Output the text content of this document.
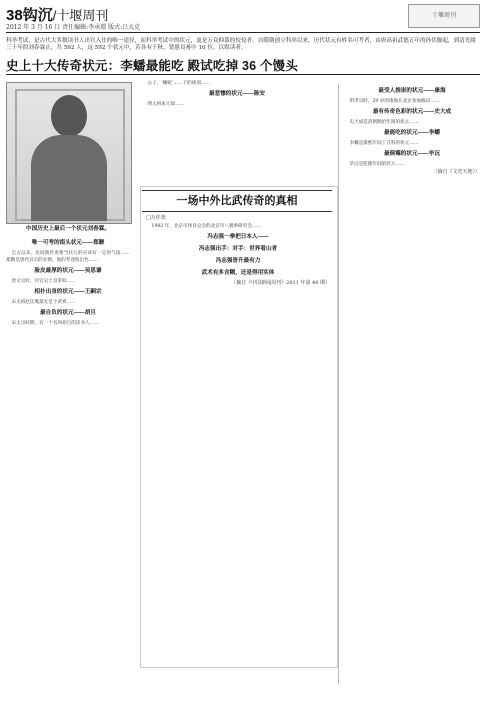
38钩沉/十堰周刊
2012 年 3 月 16 日 责任编辑:李承璟 版式:吕大克
十堰周刊
科举考试，是古代大多数读书人出官入仕的唯一途径，而科举考试中的状元，更是万众仰慕的佼佼者。自隋朝创立科举以来，历代状元有姓名可考者，由唐高祖武德五年的孙伏伽起，到清光绪三十年的刘春霖止，共 592 人，这 592 个状元中，若各有千秋、贤愚良莠中 10 位，以娱读者。
史上十大传奇状元：李蟠最能吃 殿试吃掉 36 个馒头
中国历史上最后一个状元刘春霖。
唯一可考的街头状元——郑颢

自古以来，民间就传说要当状元的应该有一定的气质……郑颢是唐代宣宗的女婿，他的考卷很出色……

脸皮最厚的状元——吴思谦

唐文宗时，宫官吴士良掌权……

相扑出身的状元——王嗣宗

宋太祖赵匡胤最先是个武将……

最自负的状元——胡旦

宋太宗时期，有一个名叫胡旦的读书人……

公子，‘蟠蛇’……下的规划……

最悲惨的状元——陈安

明太祖朱元璋……

一场中外比武传奇的真相
□万佳欢

1982 年，北京市体育总会的北京市八极拳研究会……

冯志强一拳把日本人——
冯志强出手：对手：世界看山者
冯志强晋升最有力
武术有多含糊，还是得用实体
（摘自《中国新闻周刊》2011 年第 40 期）
最受人推崇的状元——康海

明孝宗时，29 岁的康海在北京参加殿试……

最有传奇色彩的状元——史大成

史大成是清朝顺治年间的状元……

最能吃的状元——李蟠

李蟠是康熙年间丁丑科的状元……

最倒霉的状元——毕沅

毕沅是乾隆年间的状元……

（摘自《文史天地》）
